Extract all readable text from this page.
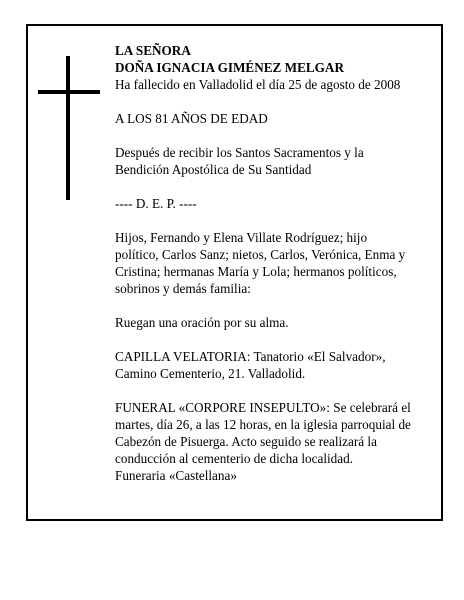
LA SEÑORA

DOÑA IGNACIA GIMÉNEZ MELGAR

Ha fallecido en Valladolid el día 25 de agosto de 2008

A LOS 81 AÑOS DE EDAD

Después de recibir los Santos Sacramentos y la
Bendición Apostólica de Su Santidad

---- D. E. P. ----

Hijos, Fernando y Elena Villate Rodríguez; hijo
político, Carlos Sanz; nietos, Carlos, Verónica, Enma y
Cristina; hermanas María y Lola; hermanos políticos,
sobrinos y demás familia:

Ruegan una oración por su alma.

CAPILLA VELATORIA: Tanatorio «El Salvador»,
Camino Cementerio, 21. Valladolid.

FUNERAL «CORPORE INSEPULTO»: Se celebrará el
martes, día 26, a las 12 horas, en la iglesia parroquial de
Cabezón de Pisuerga. Acto seguido se realizará la
conducción al cementerio de dicha localidad.
Funeraria «Castellana»
